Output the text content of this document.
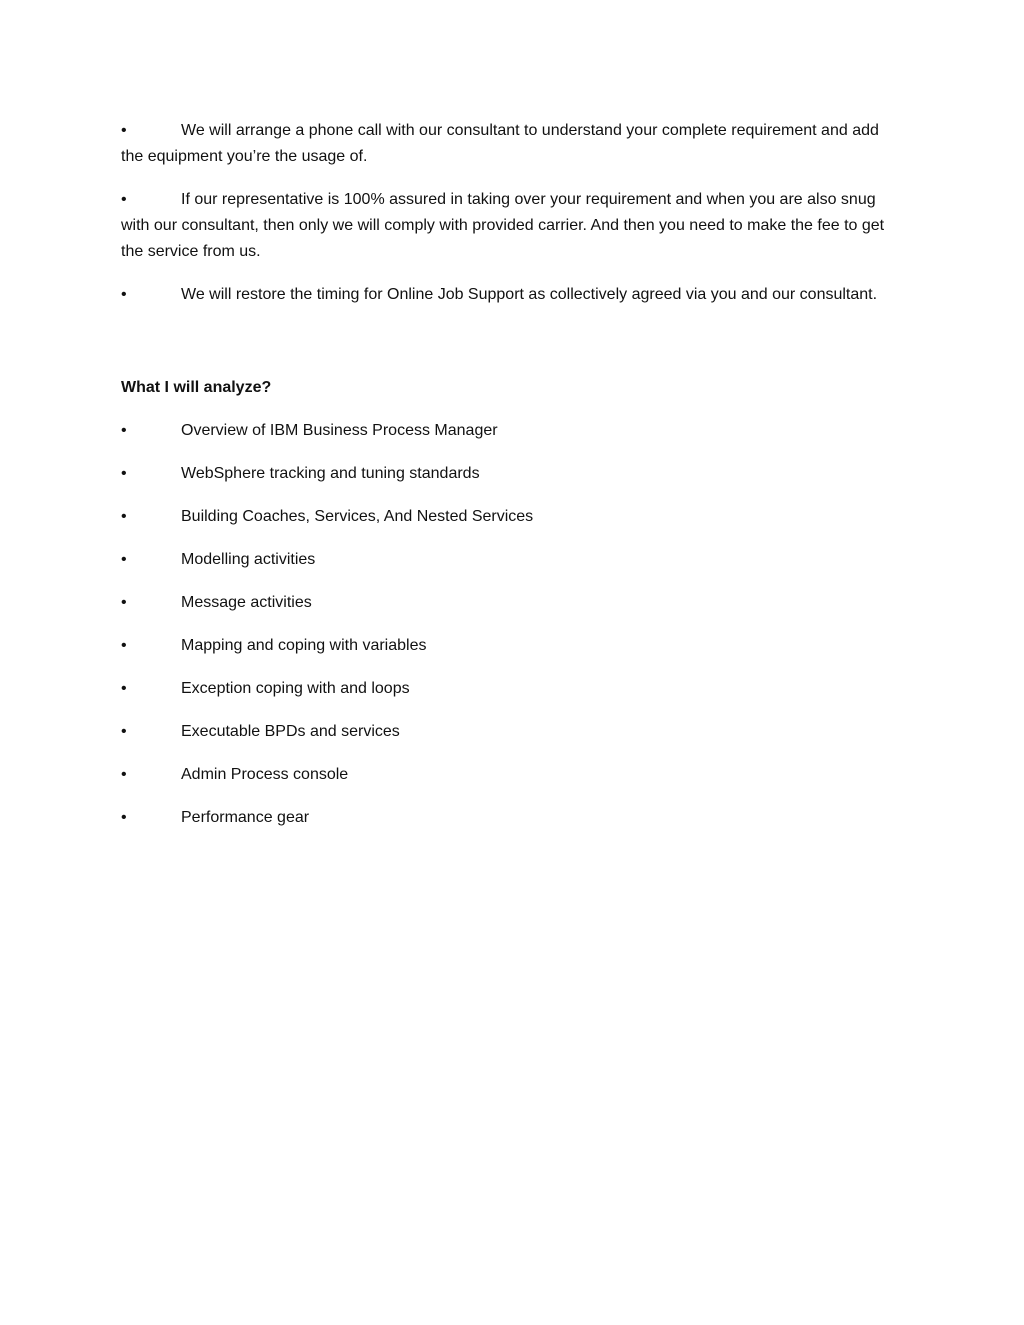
•	We will arrange a phone call with our consultant to understand your complete requirement and add the equipment you’re the usage of.

•	If our representative is 100% assured in taking over your requirement and when you are also snug with our consultant, then only we will comply with provided carrier. And then you need to make the fee to get the service from us.

•	We will restore the timing for Online Job Support as collectively agreed via you and our consultant.

What I will analyze?

•	Overview of IBM Business Process Manager

•	WebSphere tracking and tuning standards

•	Building Coaches, Services, And Nested Services

•	Modelling activities

•	Message activities

•	Mapping and coping with variables

•	Exception coping with and loops

•	Executable BPDs and services

•	Admin Process console

•	Performance gear
